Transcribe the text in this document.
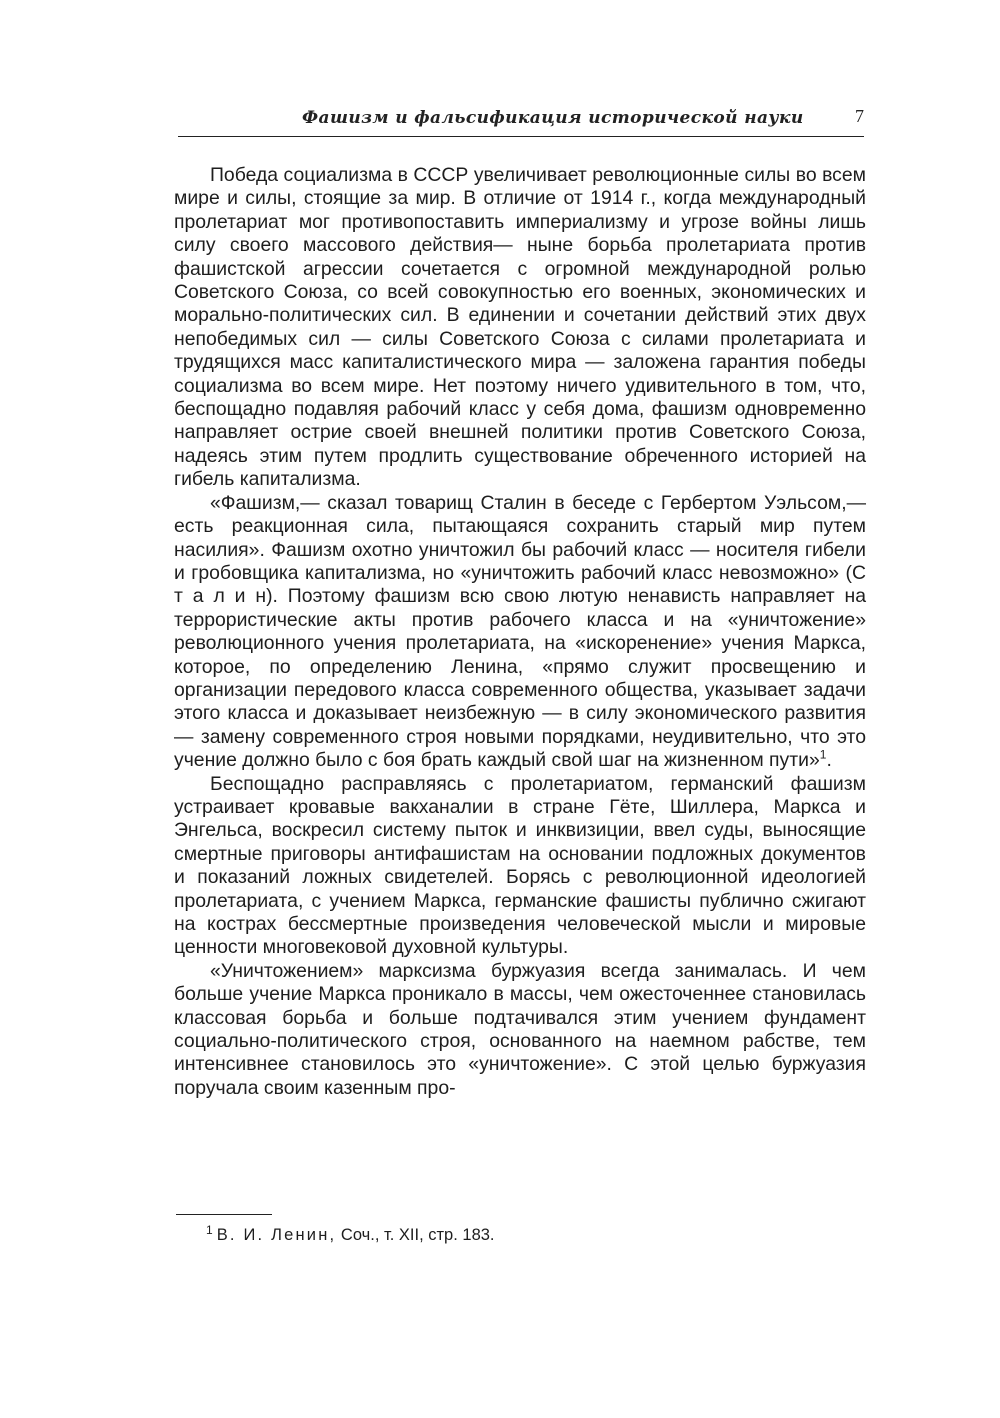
Фашизм и фальсификация исторической науки	7

Победа социализма в СССР увеличивает революционные силы во всем мире и силы, стоящие за мир. В отличие от 1914 г., когда международный пролетариат мог противопоставить империализму и угрозе войны лишь силу своего массового действия— ныне борьба пролетариата против фашистской агрессии сочетается с огромной международной ролью Советского Союза, со всей совокупностью его военных, экономических и морально-политических сил. В единении и сочетании действий этих двух непобедимых сил — силы Советского Союза с силами пролетариата и трудящихся масс капиталистического мира — заложена гарантия победы социализма во всем мире. Нет поэтому ничего удивительного в том, что, беспощадно подавляя рабочий класс у себя дома, фашизм одновременно направляет острие своей внешней политики против Советского Союза, надеясь этим путем продлить существование обреченного историей на гибель капитализма.

«Фашизм,— сказал товарищ Сталин в беседе с Гербертом Уэльсом,— есть реакционная сила, пытающаяся сохранить старый мир путем насилия». Фашизм охотно уничтожил бы рабочий класс — носителя гибели и гробовщика капитализма, но «уничтожить рабочий класс невозможно» (С т а л и н). Поэтому фашизм всю свою лютую ненависть направляет на террористические акты против рабочего класса и на «уничтожение» революционного учения пролетариата, на «искоренение» учения Маркса, которое, по определению Ленина, «прямо служит просвещению и организации передового класса современного общества, указывает задачи этого класса и доказывает неизбежную — в силу экономического развития — замену современного строя новыми порядками, неудивительно, что это учение должно было с боя брать каждый свой шаг на жизненном пути»$^1$.

Беспощадно расправляясь с пролетариатом, германский фашизм устраивает кровавые вакханалии в стране Гёте, Шиллера, Маркса и Энгельса, воскресил систему пыток и инквизиции, ввел суды, выносящие смертные приговоры антифашистам на основании подложных документов и показаний ложных свидетелей. Борясь с революционной идеологией пролетариата, с учением Маркса, германские фашисты публично сжигают на кострах бессмертные произведения человеческой мысли и мировые ценности многовековой духовной культуры.

«Уничтожением» марксизма буржуазия всегда занималась. И чем больше учение Маркса проникало в массы, чем ожесточеннее становилась классовая борьба и больше подтачивался этим учением фундамент социально-политического строя, основанного на наемном рабстве, тем интенсивнее становилось это «уничтожение». С этой целью буржуазия поручала своим казенным про-

$^1$ В. И. Ленин, Соч., т. XII, стр. 183.
